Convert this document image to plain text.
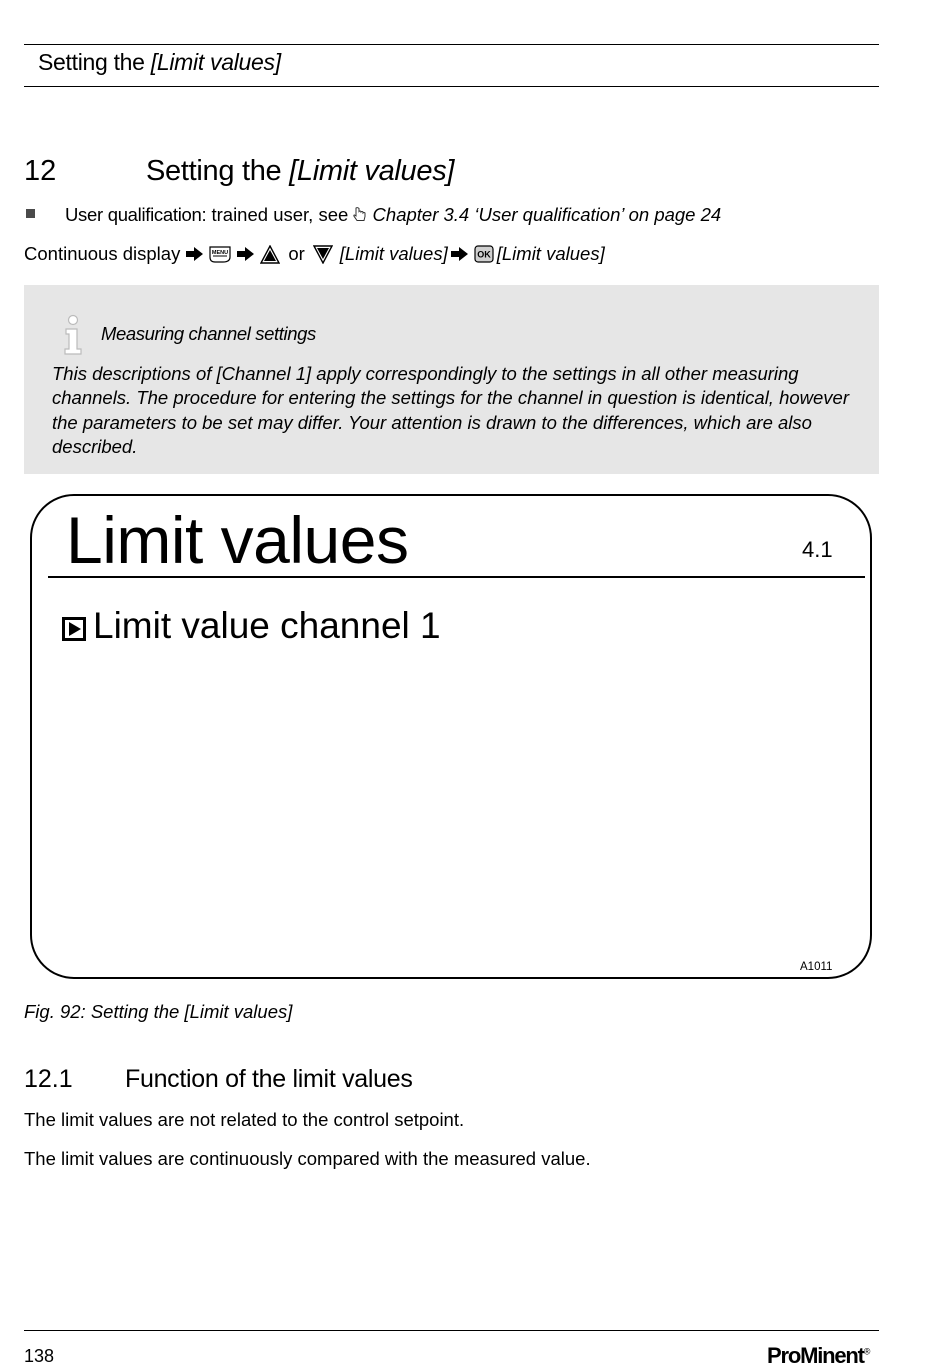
Setting the [Limit values]
12	Setting the [Limit values]
User qualification: trained user, see Chapter 3.4 ‘User qualification’ on page 24
Continuous display	MENU	or [Limit values]	OK [Limit values]
Measuring channel settings
This descriptions of [Channel 1] apply correspondingly to the settings in all other measuring channels. The procedure for entering the settings for the channel in question is identical, however the parameters to be set may differ. Your attention is drawn to the differences, which are also described.
Limit values	4.1
Limit value channel 1
A1011
Fig. 92: Setting the [Limit values]
12.1 Function of the limit values
The limit values are not related to the control setpoint.
The limit values are continuously compared with the measured value.
138	ProMinent®
